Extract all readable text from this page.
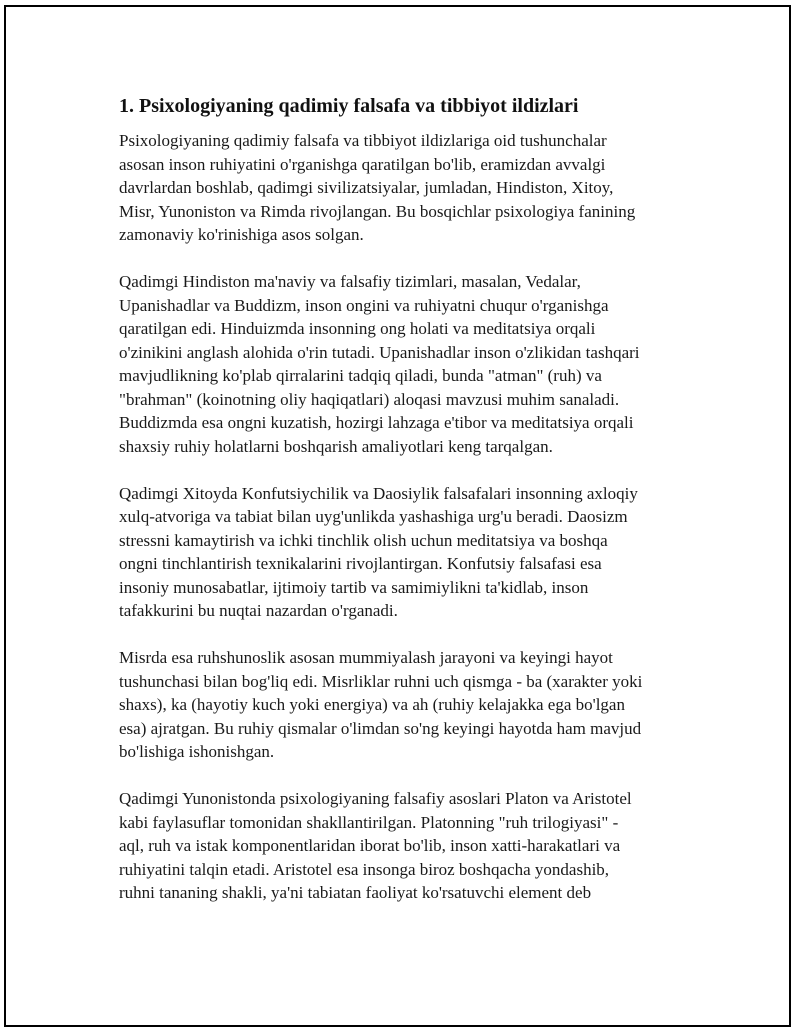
1. Psixologiyaning qadimiy falsafa va tibbiyot ildizlari

Psixologiyaning qadimiy falsafa va tibbiyot ildizlariga oid tushunchalar
asosan inson ruhiyatini o'rganishga qaratilgan bo'lib, eramizdan avvalgi
davrlardan boshlab, qadimgi sivilizatsiyalar, jumladan, Hindiston, Xitoy,
Misr, Yunoniston va Rimda rivojlangan. Bu bosqichlar psixologiya fanining
zamonaviy ko'rinishiga asos solgan.

Qadimgi Hindiston ma'naviy va falsafiy tizimlari, masalan, Vedalar,
Upanishadlar va Buddizm, inson ongini va ruhiyatni chuqur o'rganishga
qaratilgan edi. Hinduizmda insonning ong holati va meditatsiya orqali
o'zinikini anglash alohida o'rin tutadi. Upanishadlar inson o'zlikidan tashqari
mavjudlikning ko'plab qirralarini tadqiq qiladi, bunda "atman" (ruh) va
"brahman" (koinotning oliy haqiqatlari) aloqasi mavzusi muhim sanaladi.
Buddizmda esa ongni kuzatish, hozirgi lahzaga e'tibor va meditatsiya orqali
shaxsiy ruhiy holatlarni boshqarish amaliyotlari keng tarqalgan.

Qadimgi Xitoyda Konfutsiychilik va Daosiylik falsafalari insonning axloqiy
xulq-atvoriga va tabiat bilan uyg'unlikda yashashiga urg'u beradi. Daosizm
stressni kamaytirish va ichki tinchlik olish uchun meditatsiya va boshqa
ongni tinchlantirish texnikalarini rivojlantirgan. Konfutsiy falsafasi esa
insoniy munosabatlar, ijtimoiy tartib va samimiylikni ta'kidlab, inson
tafakkurini bu nuqtai nazardan o'rganadi.

Misrda esa ruhshunoslik asosan mummiyalash jarayoni va keyingi hayot
tushunchasi bilan bog'liq edi. Misrliklar ruhni uch qismga - ba (xarakter yoki
shaxs), ka (hayotiy kuch yoki energiya) va ah (ruhiy kelajakka ega bo'lgan
esa) ajratgan. Bu ruhiy qismalar o'limdan so'ng keyingi hayotda ham mavjud
bo'lishiga ishonishgan.

Qadimgi Yunonistonda psixologiyaning falsafiy asoslari Platon va Aristotel
kabi faylasuflar tomonidan shakllantirilgan. Platonning "ruh trilogiyasi" -
aql, ruh va istak komponentlaridan iborat bo'lib, inson xatti-harakatlari va
ruhiyatini talqin etadi. Aristotel esa insonga biroz boshqacha yondashib,
ruhni tananing shakli, ya'ni tabiatan faoliyat ko'rsatuvchi element deb
